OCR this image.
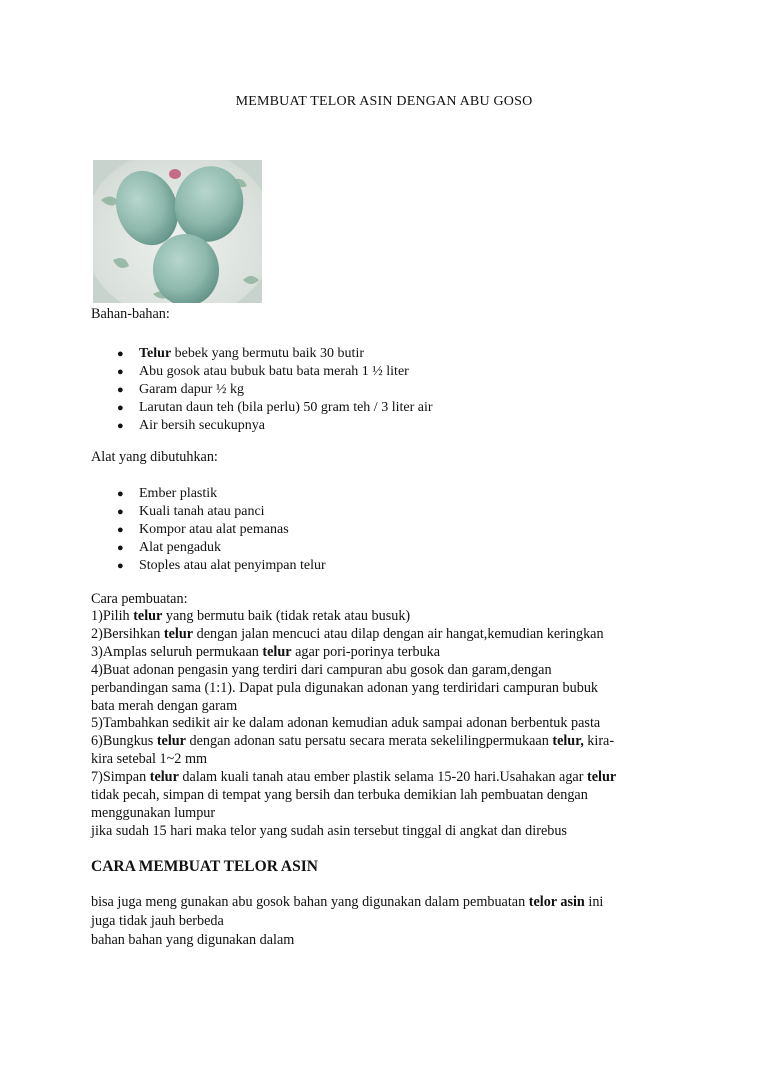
MEMBUAT TELOR ASIN DENGAN ABU GOSO
Bahan-bahan:
● Telur bebek yang bermutu baik 30 butir
● Abu gosok atau bubuk batu bata merah 1 ½ liter
● Garam dapur ½ kg
● Larutan daun teh (bila perlu) 50 gram teh / 3 liter air
● Air bersih secukupnya
Alat yang dibutuhkan:
● Ember plastik
● Kuali tanah atau panci
● Kompor atau alat pemanas
● Alat pengaduk
● Stoples atau alat penyimpan telur
Cara pembuatan:
1)Pilih telur yang bermutu baik (tidak retak atau busuk)
2)Bersihkan telur dengan jalan mencuci atau dilap dengan air hangat,kemudian keringkan
3)Amplas seluruh permukaan telur agar pori-porinya terbuka
4)Buat adonan pengasin yang terdiri dari campuran abu gosok dan garam,dengan
perbandingan sama (1:1). Dapat pula digunakan adonan yang terdiridari campuran bubuk
bata merah dengan garam
5)Tambahkan sedikit air ke dalam adonan kemudian aduk sampai adonan berbentuk pasta
6)Bungkus telur dengan adonan satu persatu secara merata sekelilingpermukaan telur, kira-
kira setebal 1~2 mm
7)Simpan telur dalam kuali tanah atau ember plastik selama 15-20 hari.Usahakan agar telur
tidak pecah, simpan di tempat yang bersih dan terbuka demikian lah pembuatan dengan
menggunakan lumpur
jika sudah 15 hari maka telor yang sudah asin tersebut tinggal di angkat dan direbus
CARA MEMBUAT TELOR ASIN
bisa juga meng gunakan abu gosok bahan yang digunakan dalam pembuatan telor asin ini
juga tidak jauh berbeda
bahan bahan yang digunakan dalam
